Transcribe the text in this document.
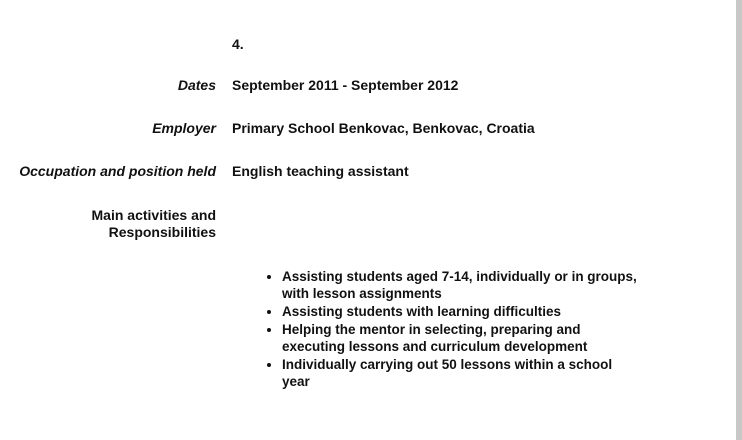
4.
Dates September 2011 - September 2012
Employer Primary School Benkovac, Benkovac, Croatia
Occupation and position held English teaching assistant
Main activities and
Responsibilities
• Assisting students aged 7-14, individually or in groups, with lesson assignments
• Assisting students with learning difficulties
• Helping the mentor in selecting, preparing and executing lessons and curriculum development
• Individually carrying out 50 lessons within a school year
